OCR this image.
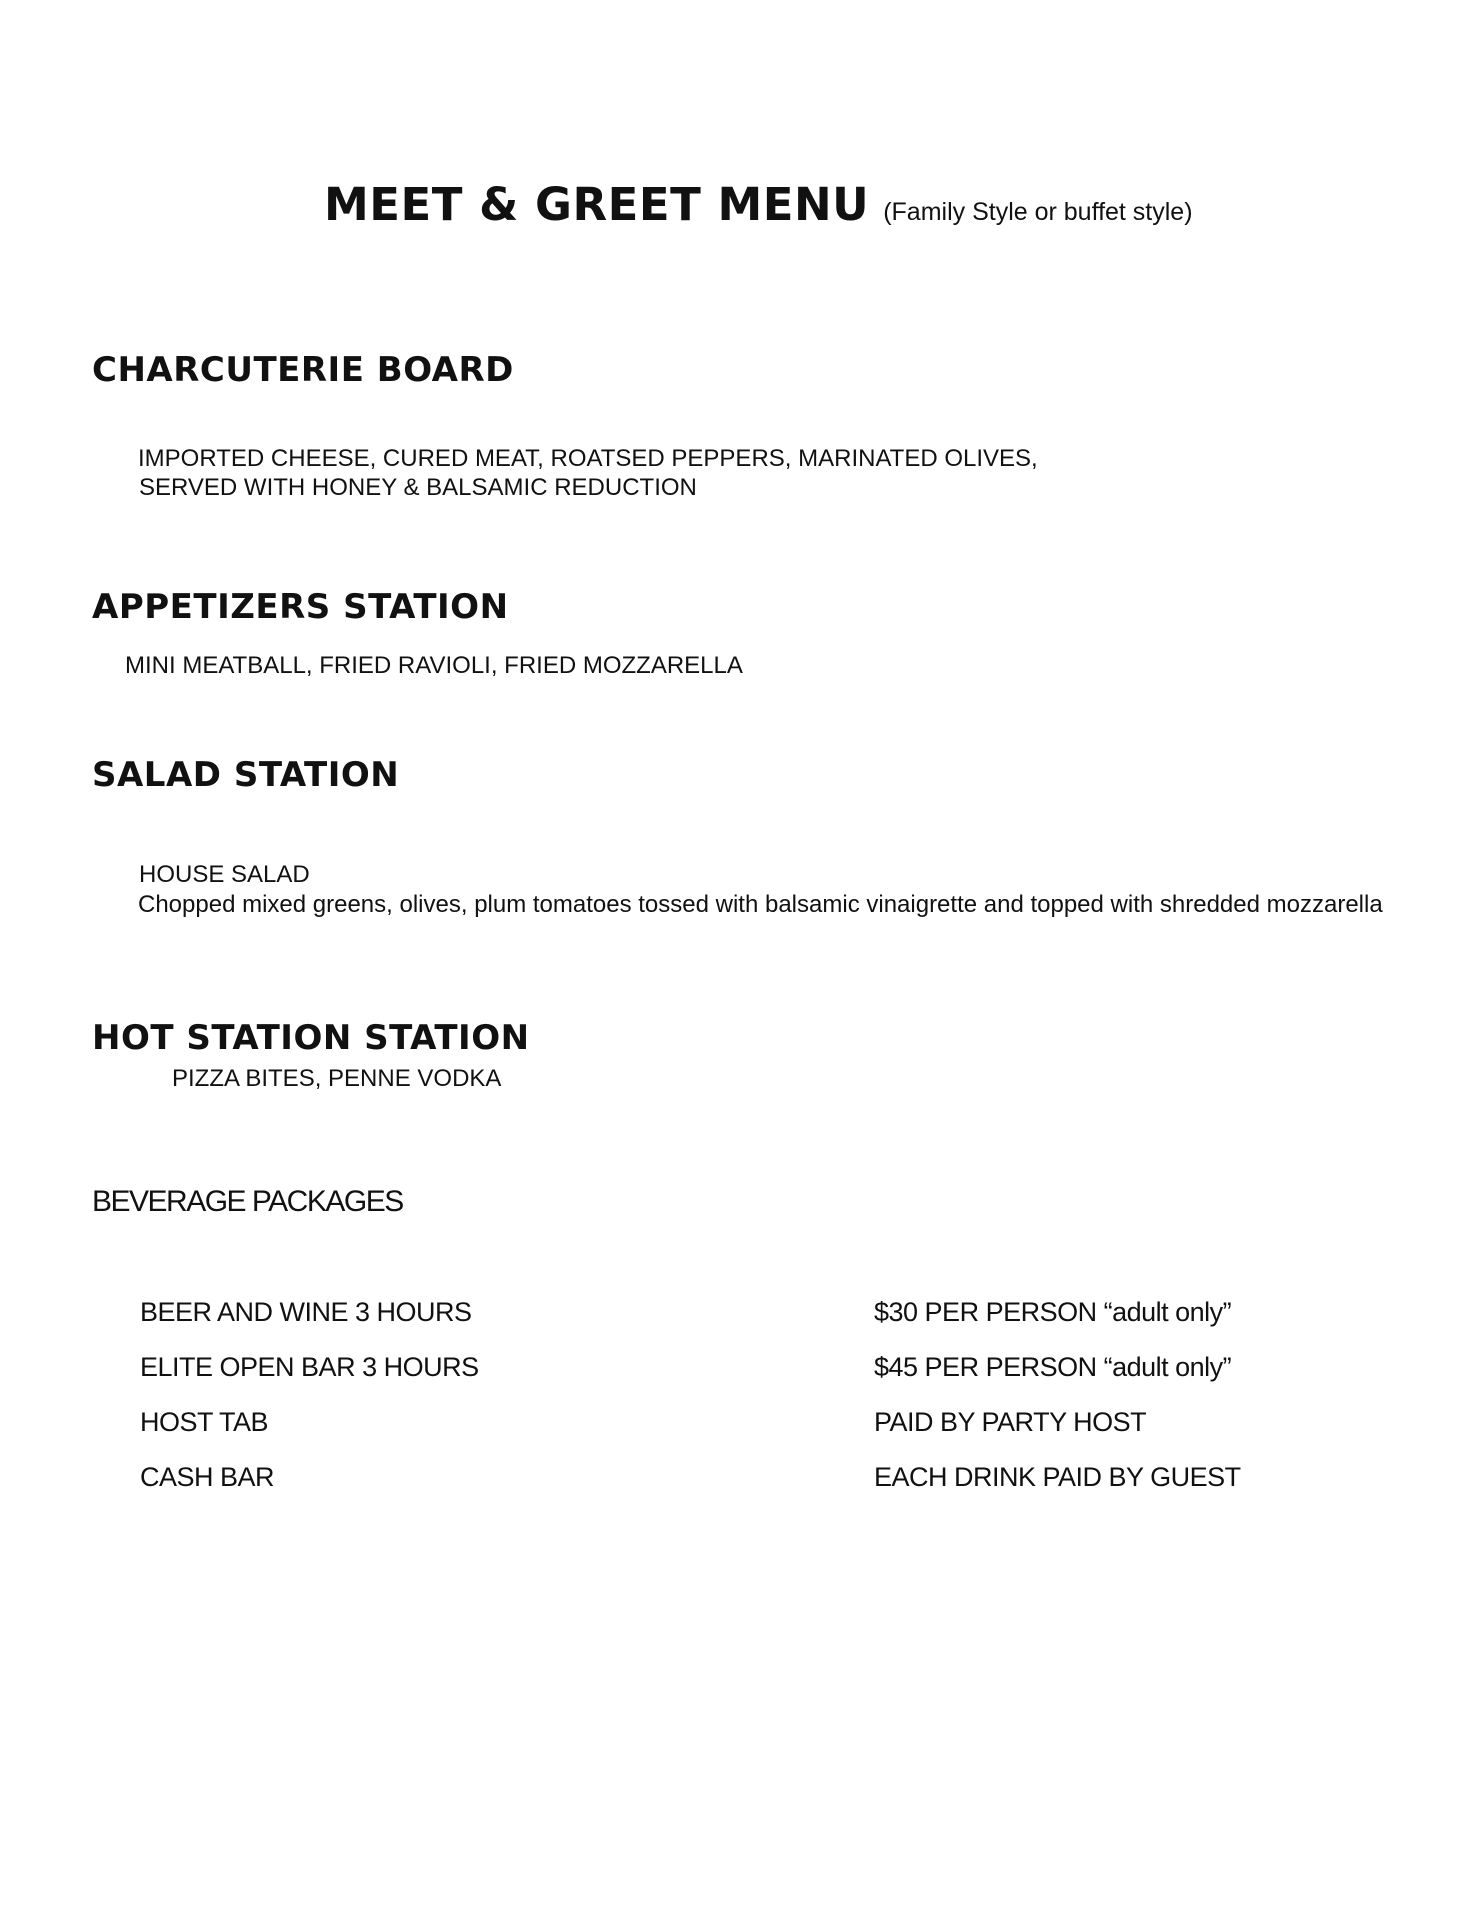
MEET & GREET MENU (Family Style or buffet style)
CHARCUTERIE BOARD
IMPORTED CHEESE, CURED MEAT, ROATSED PEPPERS, MARINATED OLIVES,
SERVED WITH HONEY & BALSAMIC REDUCTION
APPETIZERS STATION
MINI MEATBALL, FRIED RAVIOLI, FRIED MOZZARELLA
SALAD STATION
HOUSE SALAD
Chopped mixed greens, olives, plum tomatoes tossed with balsamic vinaigrette and topped with shredded mozzarella
HOT STATION STATION
PIZZA BITES, PENNE VODKA
BEVERAGE PACKAGES
BEER AND WINE 3 HOURS	$30 PER PERSON “adult only”
ELITE OPEN BAR 3 HOURS	$45 PER PERSON “adult only”
HOST TAB	PAID BY PARTY HOST
CASH BAR	EACH DRINK PAID BY GUEST
